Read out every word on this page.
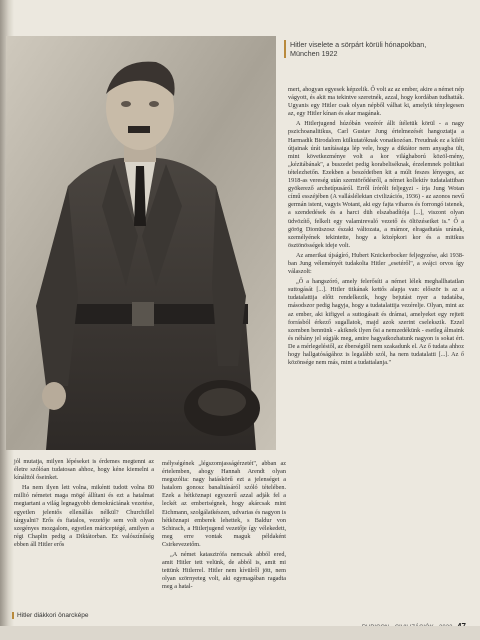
Hitler viselete a sörpárt körüli hónapokban,
München 1922

mert, ahogyan egyesek képzelik. Ő volt az az ember, akire a német nép vágyott, és akit ma tekintve szeretnék, azzal, hogy kordában tudhatták. Ugyanis egy Hitler csak olyan népből válhat ki, amelyik ténylegesen az, egy Hitler kínan és akar magának.

A Hitlerjugend húzóbán vezérér állt ítéletük körül - a nagy pszichoanalitikus, Carl Gustav Jung értelmezését hangoztatja a Harmadik Birodalom külkutatóknak vonatkozóan. Freudnak ez a kiléti útjainak úrát tanításaiga lép vele, hogy a diktátor nem anyagba ült, mint következménye volt a kor világhaború közöl-mény, „kézitábának", a buszedet pedig korabeliséknak, érzelemnek politikai tételezhetőn. Ezekben a beszédeiben kit a múlt feszes lényeges, az 1918-as vereség után szemtörődésről, a német kollektív tudatalattiban gyökerező archetípusáról. Erről írórólt feljegyzi - írja Jung Wotan című esszéjében (A valláslélektan civilizációs, 1936) - az azonos nevű germán istent, vagyis Wotant, aki egy fajta viharos és forrongó istenek, a szendedések és a harci düh elszabadítója [...], viszont olyan üdvözítő, felkelt egy valamirevaló vezető és öltözéseiket is." Ő a görög Dionüszosz északi változata, a mámor, elragadtatás urának, személyének tekintette, hogy a középkori kor és a mitikus ösztönösségek ideje volt.

Az amerikai újságíró, Hubert Knickerbocker feljegyzése, aki 1938-ban Jung véleményét tudakolta Hitler „esetéről", a svájci orvos így válaszolt:

„Ő a hangszóró, amely felerősíti a német lélek meghallhatatlan suttogását [...]. Hitler titkának kettős alapja van: először is az a tudatalattija előtt rendelkezik, hogy bejutást nyer a tudatába, másodszor pedig hagyja, hogy a tudatalattija vezérelje. Olyan, mint az az ember, aki kifigyel a suttogásait és drámai, amelyeket egy rejtett forrásból érkező sugallatok, majd azok szerint cselekszik. Ezzel szemben bennünk - akiknek ilyen ősi a nemzedékünk - esetleg álmaink és néhány jel súgják meg, amire hagyatkozhatunk nagyon is sokat ért. De a mérlegeléstől, az éberségtől nem szakadunk el. Az ő tudata ahhoz hogy hallgatóságához is legalább szól, ha nem tudatalatti [...]. Az ő közönsége nem más, mint a tudattalanja."

jól mutatja, milyen lépéseket is érdemes megtenni az életre szólóan tudatosan ahhoz, hogy kéne kiemelni a kínálttól őseinket.

Ha nem ilyen lett volna, mikéntt tudott volna 80 millió németet maga mögé állítani és ezt a hatalmat megtartani a világ legnagyobb demokráciának vezetése, egyetlen jelentős ellenállás nélkül? Churchillel tárgyalni? Erős és fiatalos, vezetője sem volt olyan szegényes mozgalom, egyetlen máriceptégé, amilyen a régi Chaplin pedig a Diktátorban. Ez valószínűség ebben áll Hitler erős

mélységének „légszomjasságérzetét", abban az értelemben, ahogy Hannah Arendt olyan megszólta: nagy hatáskörű ezt a jelenséget a hatalom gonosz banalitásáról szóló tételében. Ezek a hétköznapi egyszerű azzal adják fel a leckét az emberiségnek, hogy akárcsak mint Eichmann, szolgálatkészen, udvarias és nagyon is hétköznapi emberek lehettek, s Baldur von Schirach, a Hitlerjugend vezetője így vélekedett, meg erre vontak maguk példaként Csirkevezetőm.

„A német katasztrófa nemcsak abból ered, amit Hitler tett velünk, de abból is, amit mi tettünk Hitlerrel. Hitler nem kívülről jött, nem olyan szörnyeteg volt, aki egymagában ragadta meg a hatal-

Hitler diákkori önarcképe
